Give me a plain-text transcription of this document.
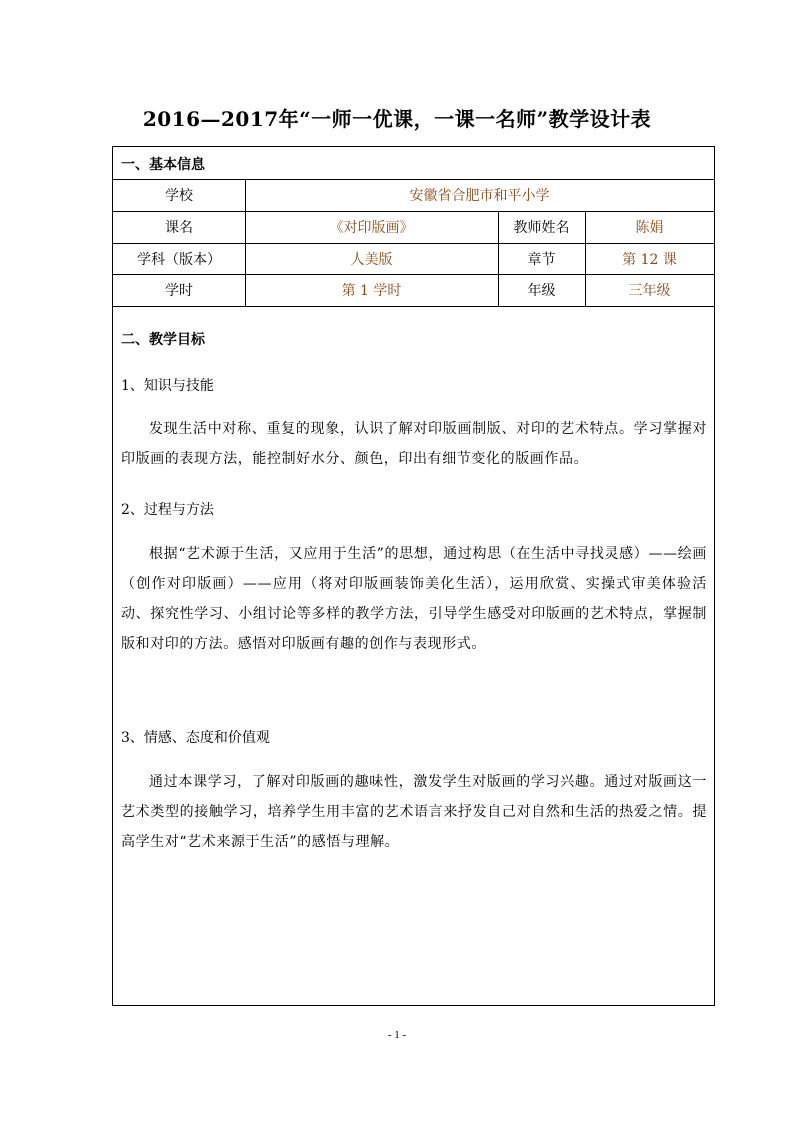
2016—2017年“一师一优课，一课一名师”教学设计表
一、基本信息
学校	安徽省合肥市和平小学
课名	《对印版画》	教师姓名	陈娟
学科（版本）	人美版	章节	第 12 课
学时	第 1 学时	年级	三年级
二、教学目标
1、知识与技能
发现生活中对称、重复的现象，认识了解对印版画制版、对印的艺术特点。学习掌握对印版画的表现方法，能控制好水分、颜色，印出有细节变化的版画作品。
2、过程与方法
根据“艺术源于生活，又应用于生活”的思想，通过构思（在生活中寻找灵感）——绘画（创作对印版画）——应用（将对印版画装饰美化生活），运用欣赏、实操式审美体验活动、探究性学习、小组讨论等多样的教学方法，引导学生感受对印版画的艺术特点，掌握制版和对印的方法。感悟对印版画有趣的创作与表现形式。
3、情感、态度和价值观
通过本课学习，了解对印版画的趣味性，激发学生对版画的学习兴趣。通过对版画这一艺术类型的接触学习，培养学生用丰富的艺术语言来抒发自己对自然和生活的热爱之情。提高学生对“艺术来源于生活”的感悟与理解。
- 1 -
